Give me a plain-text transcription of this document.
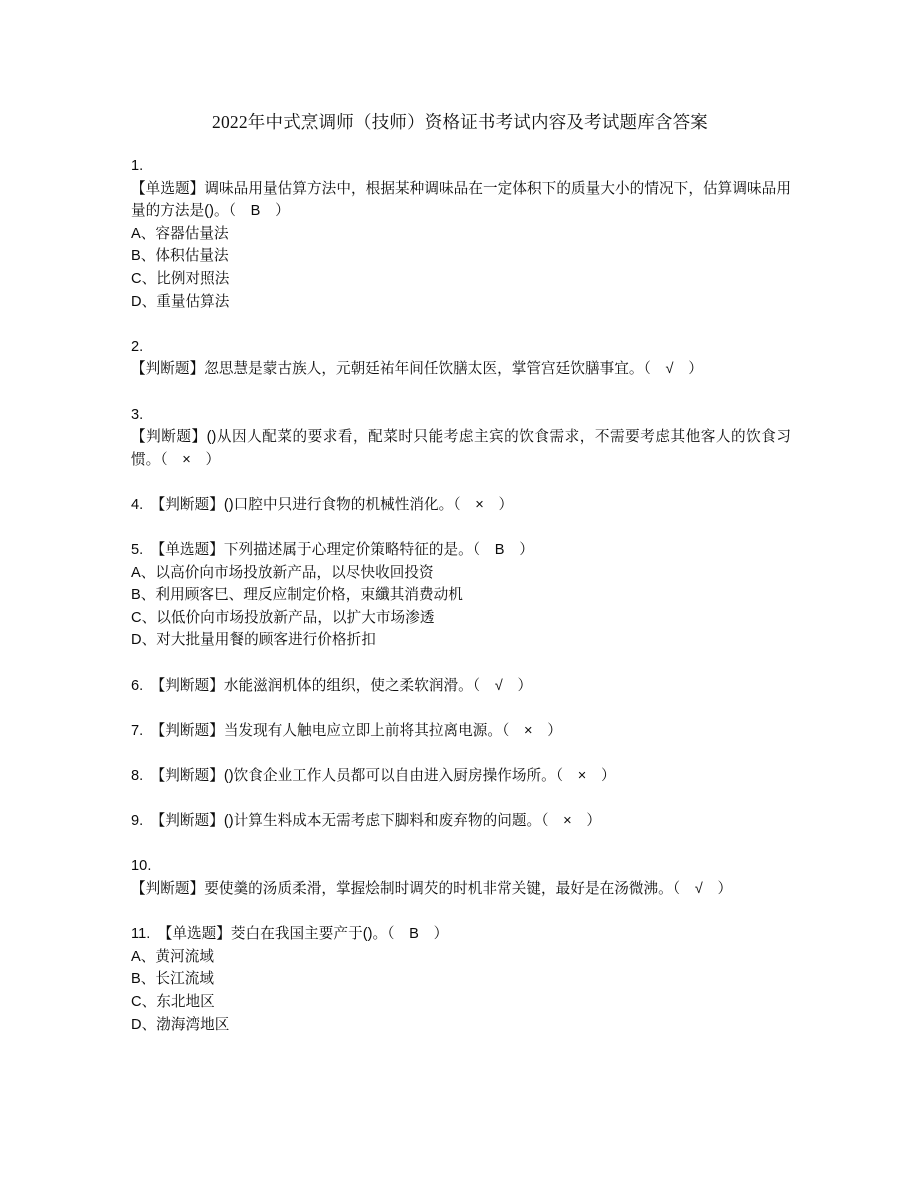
2022年中式烹调师（技师）资格证书考试内容及考试题库含答案
1.
【单选题】调味品用量估算方法中，根据某种调味品在一定体积下的质量大小的情况下，估算调味品用量的方法是()。（　B　）
A、容器估量法
B、体积估量法
C、比例对照法
D、重量估算法
2.
【判断题】忽思慧是蒙古族人，元朝廷祐年间任饮膳太医，掌管宫廷饮膳事宜。（　√　）
3.
【判断题】()从因人配菜的要求看，配菜时只能考虑主宾的饮食需求，不需要考虑其他客人的饮食习惯。（　×　）
4.　【判断题】()口腔中只进行食物的机械性消化。（　×　）
5.　【单选题】下列描述属于心理定价策略特征的是。（　B　）
A、以高价向市场投放新产品，以尽快收回投资
B、利用顾客巳、理反应制定价格，束纖其消费动机
C、以低价向市场投放新产品，以扩大市场渗透
D、对大批量用餐的顾客进行价格折扣
6.　【判断题】水能滋润机体的组织，使之柔软润滑。（　√　）
7.　【判断题】当发现有人触电应立即上前将其拉离电源。（　×　）
8.　【判断题】()饮食企业工作人员都可以自由进入厨房操作场所。（　×　）
9.　【判断题】()计算生料成本无需考虑下脚料和废弃物的问题。（　×　）
10.
【判断题】要使羹的汤质柔滑，掌握烩制时调芡的时机非常关键，最好是在汤微沸。（　√　）
11.　【单选题】茭白在我国主要产于()。（　B　）
A、黄河流域
B、长江流域
C、东北地区
D、渤海湾地区
